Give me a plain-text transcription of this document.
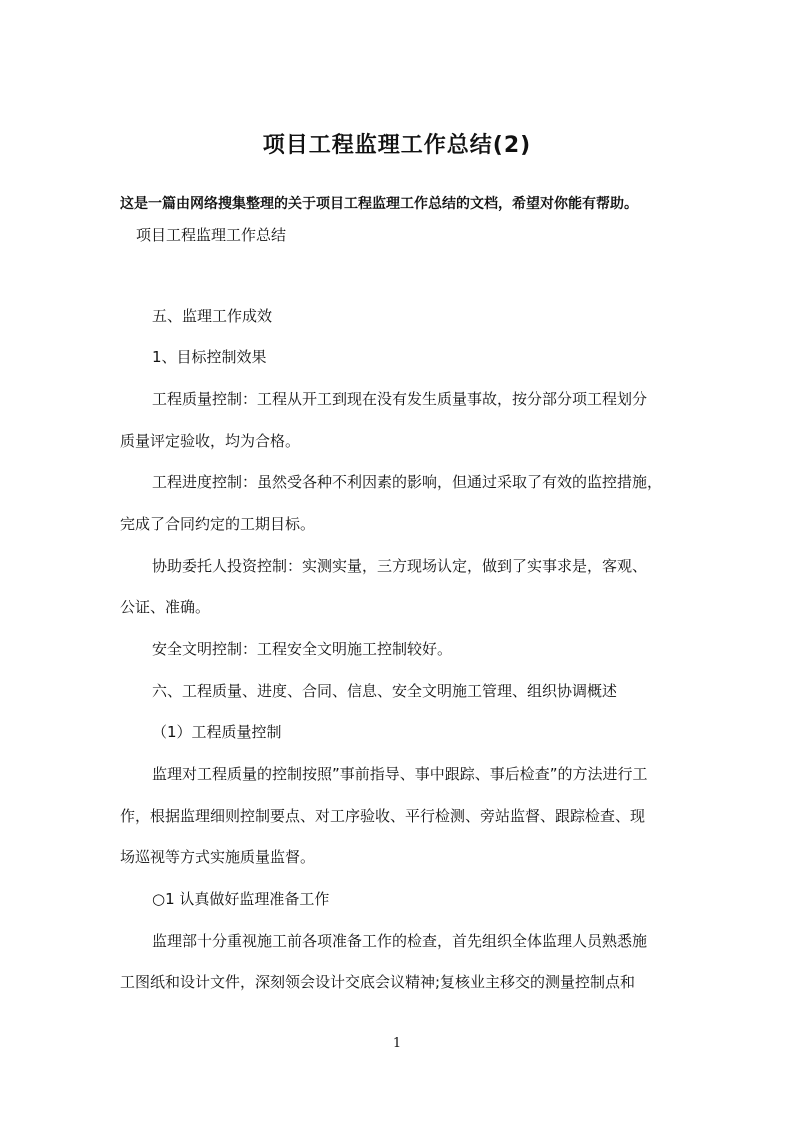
项目工程监理工作总结(2)
这是一篇由网络搜集整理的关于项目工程监理工作总结的文档，希望对你能有帮助。
项目工程监理工作总结
五、监理工作成效
1、目标控制效果
工程质量控制：工程从开工到现在没有发生质量事故，按分部分项工程划分
质量评定验收，均为合格。
工程进度控制：虽然受各种不利因素的影响，但通过采取了有效的监控措施，
完成了合同约定的工期目标。
协助委托人投资控制：实测实量，三方现场认定，做到了实事求是，客观、
公证、准确。
安全文明控制：工程安全文明施工控制较好。
六、工程质量、进度、合同、信息、安全文明施工管理、组织协调概述
（1）工程质量控制
监理对工程质量的控制按照”事前指导、事中跟踪、事后检查”的方法进行工
作，根据监理细则控制要点、对工序验收、平行检测、旁站监督、跟踪检查、现
场巡视等方式实施质量监督。
○1 认真做好监理准备工作
监理部十分重视施工前各项准备工作的检查，首先组织全体监理人员熟悉施
工图纸和设计文件，深刻领会设计交底会议精神;复核业主移交的测量控制点和
1
